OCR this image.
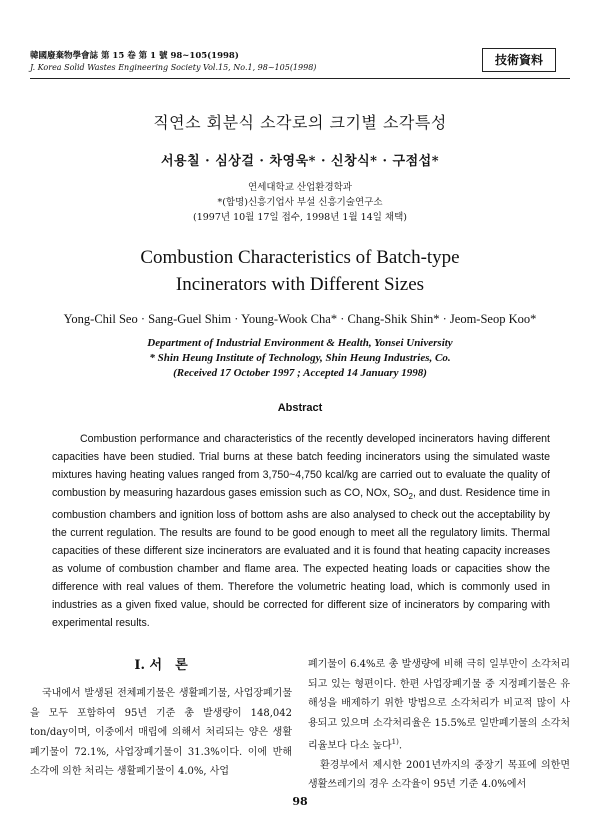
韓國廢棄物學會誌 第 15 卷 第 1 號 98~105(1998)
J. Korea Solid Wastes Engineering Society Vol.15, No.1, 98~105(1998)
技術資料
직연소 회분식 소각로의 크기별 소각특성
서용칠 · 심상걸 · 차영욱* · 신창식* · 구점섭*
연세대학교 산업환경학과
*(합명)신흥기업사 부설 신흥기술연구소
(1997년 10월 17일 접수, 1998년 1월 14일 채택)
Combustion Characteristics of Batch-type
Incinerators with Different Sizes
Yong-Chil Seo · Sang-Guel Shim · Young-Wook Cha* · Chang-Shik Shin* · Jeom-Seop Koo*
Department of Industrial Environment & Health, Yonsei University
* Shin Heung Institute of Technology, Shin Heung Industries, Co.
(Received 17 October 1997 ; Accepted 14 January 1998)
Abstract

Combustion performance and characteristics of the recently developed incinerators having different capacities have been studied. Trial burns at these batch feeding incinerators using the simulated waste mixtures having heating values ranged from 3,750~4,750 kcal/kg are carried out to evaluate the quality of combustion by measuring hazardous gases emission such as CO, NOx, $SO_2$, and dust. Residence time in combustion chambers and ignition loss of bottom ashs are also analysed to check out the acceptability by the current regulation. The results are found to be good enough to meet all the regulatory limits. Thermal capacities of these different size incinerators are evaluated and it is found that heating capacity increases as volume of combustion chamber and flame area. The expected heating loads or capacities show the difference with real values of them. Therefore the volumetric heating load, which is commonly used in industries as a given fixed value, should be corrected for different size of incinerators by comparing with experimental results.

Ⅰ. 서　론

국내에서 발생된 전체폐기물은 생활폐기물, 사업장폐기물을 모두 포함하여 95년 기준 총 발생량이 148,042 ton/day이며, 이중에서 매립에 의해서 처리되는 양은 생활폐기물이 72.1%, 사업장폐기물이 31.3%이다. 이에 반해 소각에 의한 처리는 생활폐기물이 4.0%, 사업

폐기물이 6.4%로 총 발생량에 비해 극히 일부만이 소각처리되고 있는 형편이다. 한편 사업장폐기물 중 지정폐기물은 유해성을 배제하기 위한 방법으로 소각처리가 비교적 많이 사용되고 있으며 소각처리율은 15.5%로 일반폐기물의 소각처리율보다 다소 높다$^{1)}$.

환경부에서 제시한 2001년까지의 중장기 목표에 의한면 생활쓰레기의 경우 소각율이 95년 기준 4.0%에서

98
